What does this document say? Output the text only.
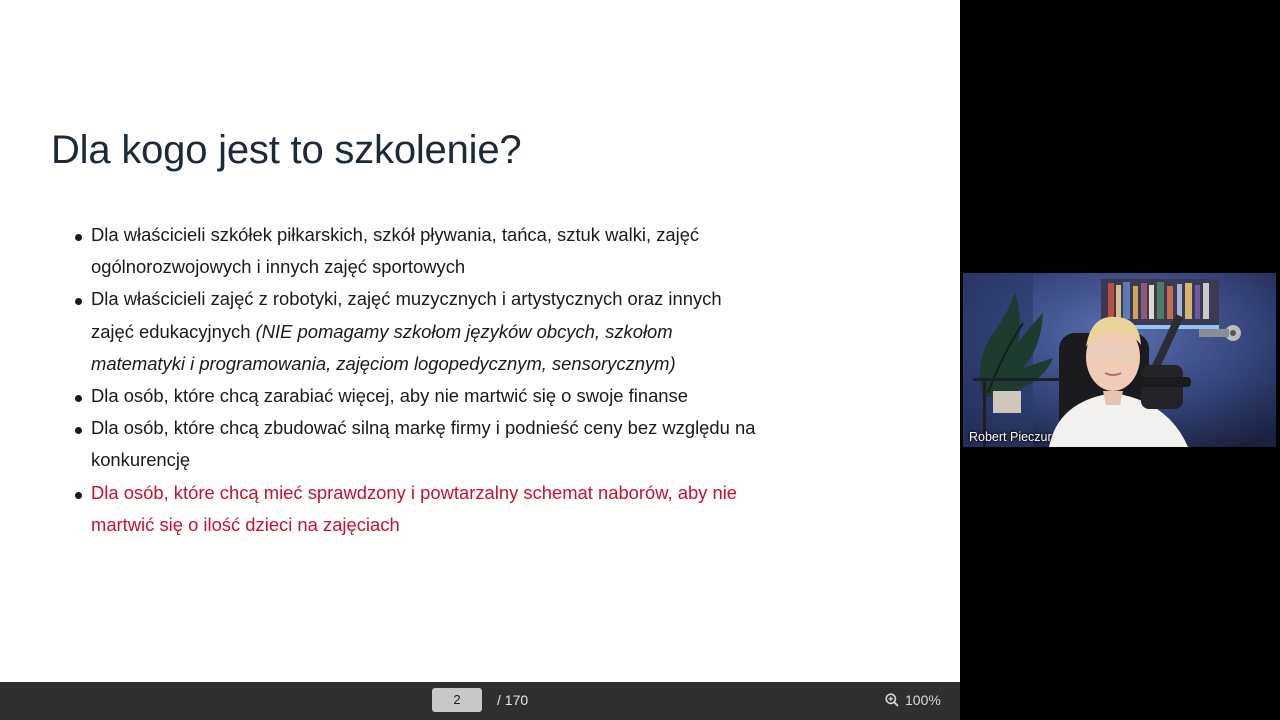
Dla kogo jest to szkolenie?
Dla właścicieli szkółek piłkarskich, szkół pływania, tańca, sztuk walki, zajęć ogólnorozwojowych i innych zajęć sportowych
Dla właścicieli zajęć z robotyki, zajęć muzycznych i artystycznych oraz innych zajęć edukacyjnych (NIE pomagamy szkołom języków obcych, szkołom matematyki i programowania, zajęciom logopedycznym, sensorycznym)
Dla osób, które chcą zarabiać więcej, aby nie martwić się o swoje finanse
Dla osób, które chcą zbudować silną markę firmy i podnieść ceny bez względu na konkurencję
Dla osób, które chcą mieć sprawdzony i powtarzalny schemat naborów, aby nie martwić się o ilość dzieci na zajęciach
2	/ 170	100%
Robert Pieczur
